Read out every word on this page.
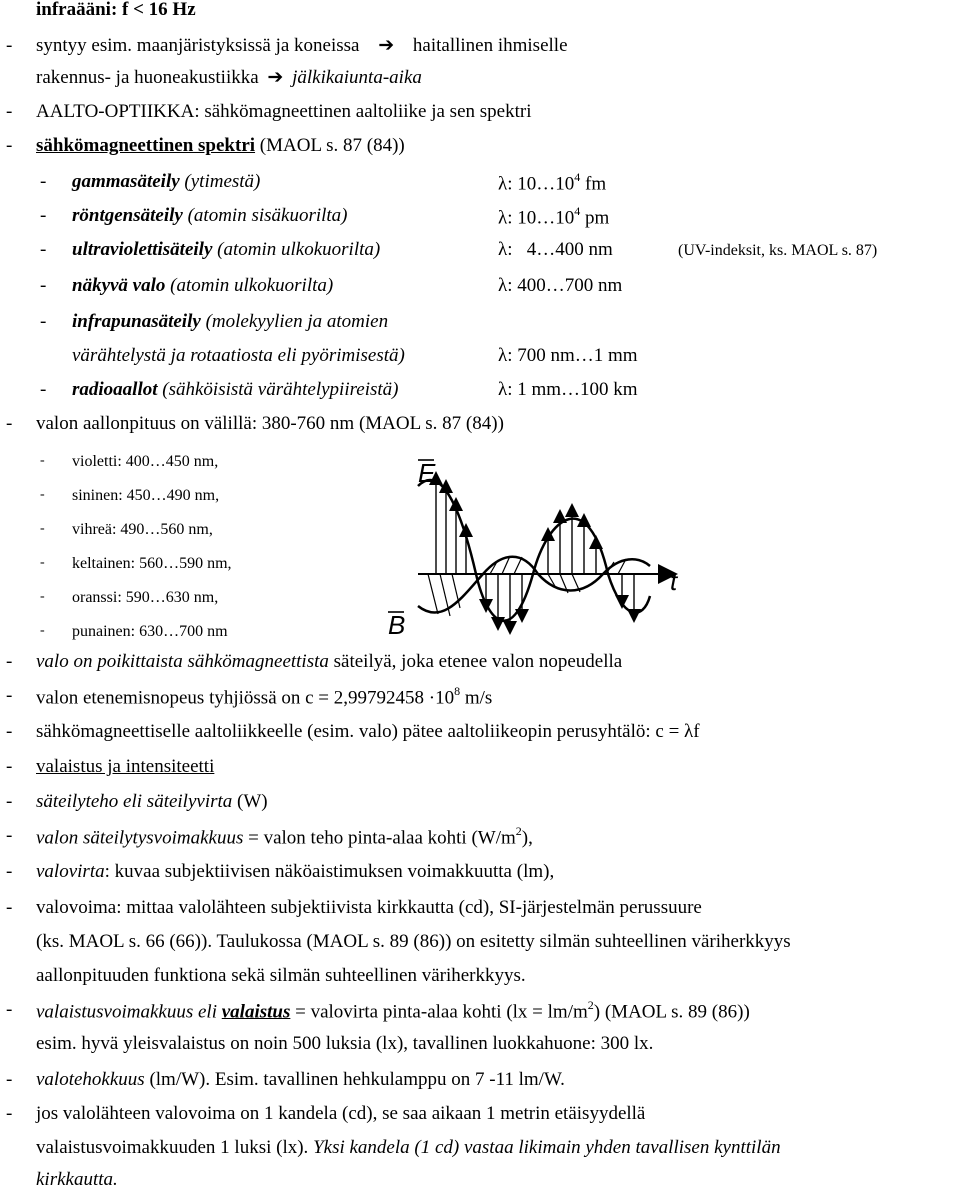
infraääni: f < 16 Hz
- syntyy esim. maanjäristyksissä ja koneissa ➔ haitallinen ihmiselle
rakennus- ja huoneakustiikka ➔ jälkikaiunta-aika
- AALTO-OPTIIKKA: sähkömagneettinen aaltoliike ja sen spektri
- sähkömagneettinen spektri (MAOL s. 87 (84))
- gammasäteily (ytimestä)	λ: $10\dots 10^4$ fm
- röntgensäteily (atomin sisäkuorilta)	λ: $10\dots 10^4$ pm
- ultraviolettisäteily (atomin ulkokuorilta)	λ:   4…400 nm	(UV-indeksit, ks. MAOL s. 87)
- näkyvä valo (atomin ulkokuorilta)	λ: 400…700 nm
- infrapunasäteily (molekyylien ja atomien
värähtelystä ja rotaatiosta eli pyörimisestä)	λ: 700 nm…1 mm
- radioaallot (sähköisistä värähtelypiireistä)	λ: 1 mm…100 km
- valon aallonpituus on välillä: 380-760 nm (MAOL s. 87 (84))
- violetti: 400…450 nm,
- sininen: 450…490 nm,
- vihreä: 490…560 nm,
- keltainen: 560…590 nm,
- oranssi: 590…630 nm,
- punainen: 630…700 nm
E
t
B
- valo on poikittaista sähkömagneettista säteilyä, joka etenee valon nopeudella
- valon etenemisnopeus tyhjiössä on $c = 2,99792458 \cdot 10^8$ m/s
- sähkömagneettiselle aaltoliikkeelle (esim. valo) pätee aaltoliikeopin perusyhtälö: c = λf
- valaistus ja intensiteetti
- säteilyteho eli säteilyvirta (W)
- valon säteilytysvoimakkuus = valon teho pinta-alaa kohti $(W/m^2)$,
- valovirta: kuvaa subjektiivisen näköaistimuksen voimakkuutta (lm),
- valovoima: mittaa valolähteen subjektiivista kirkkautta (cd), SI-järjestelmän perussuure
(ks. MAOL s. 66 (66)). Taulukossa (MAOL s. 89 (86)) on esitetty silmän suhteellinen väriherkkyys
aallonpituuden funktiona sekä silmän suhteellinen väriherkkyys.
- valaistusvoimakkuus eli valaistus = valovirta pinta-alaa kohti $(lx = lm/m^2)$ (MAOL s. 89 (86))
esim. hyvä yleisvalaistus on noin 500 luksia (lx), tavallinen luokkahuone: 300 lx.
- valotehokkuus (lm/W). Esim. tavallinen hehkulamppu on 7 -11 lm/W.
- jos valolähteen valovoima on 1 kandela (cd), se saa aikaan 1 metrin etäisyydellä
valaistusvoimakkuuden 1 luksi (lx). Yksi kandela (1 cd) vastaa likimain yhden tavallisen kynttilän
kirkkautta.
